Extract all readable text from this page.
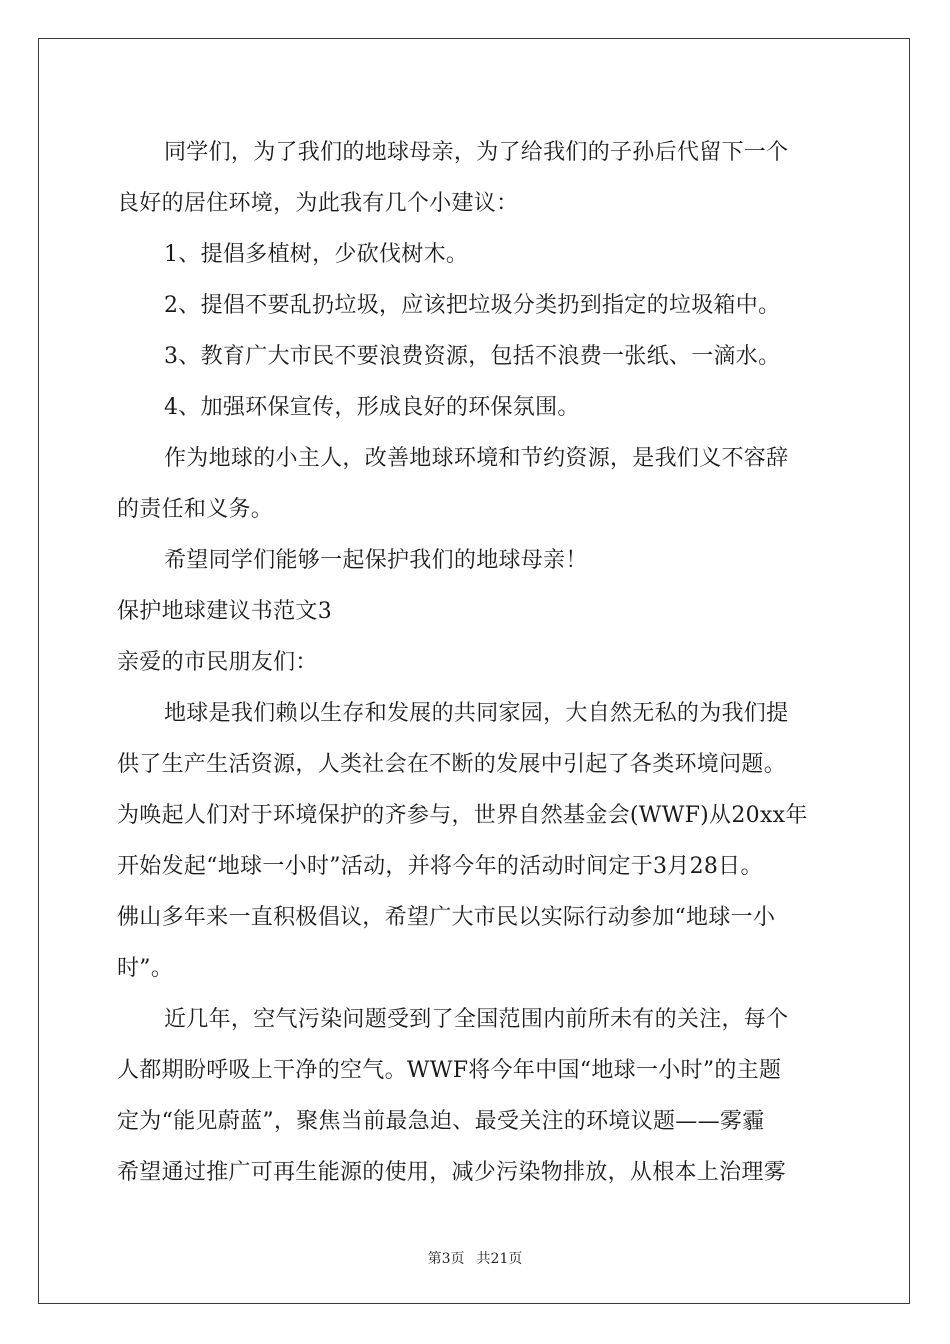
同学们，为了我们的地球母亲，为了给我们的子孙后代留下一个
良好的居住环境，为此我有几个小建议：
1、提倡多植树，少砍伐树木。
2、提倡不要乱扔垃圾，应该把垃圾分类扔到指定的垃圾箱中。
3、教育广大市民不要浪费资源，包括不浪费一张纸、一滴水。
4、加强环保宣传，形成良好的环保氛围。
作为地球的小主人，改善地球环境和节约资源，是我们义不容辞
的责任和义务。
希望同学们能够一起保护我们的地球母亲！
保护地球建议书范文3
亲爱的市民朋友们：
地球是我们赖以生存和发展的共同家园，大自然无私的为我们提
供了生产生活资源，人类社会在不断的发展中引起了各类环境问题。
为唤起人们对于环境保护的齐参与，世界自然基金会(WWF)从20xx年
开始发起“地球一小时”活动，并将今年的活动时间定于3月28日。
佛山多年来一直积极倡议，希望广大市民以实际行动参加“地球一小
时”。
近几年，空气污染问题受到了全国范围内前所未有的关注，每个
人都期盼呼吸上干净的空气。WWF将今年中国“地球一小时”的主题
定为“能见蔚蓝”，聚焦当前最急迫、最受关注的环境议题——雾霾
希望通过推广可再生能源的使用，减少污染物排放，从根本上治理雾
第3页 共21页
